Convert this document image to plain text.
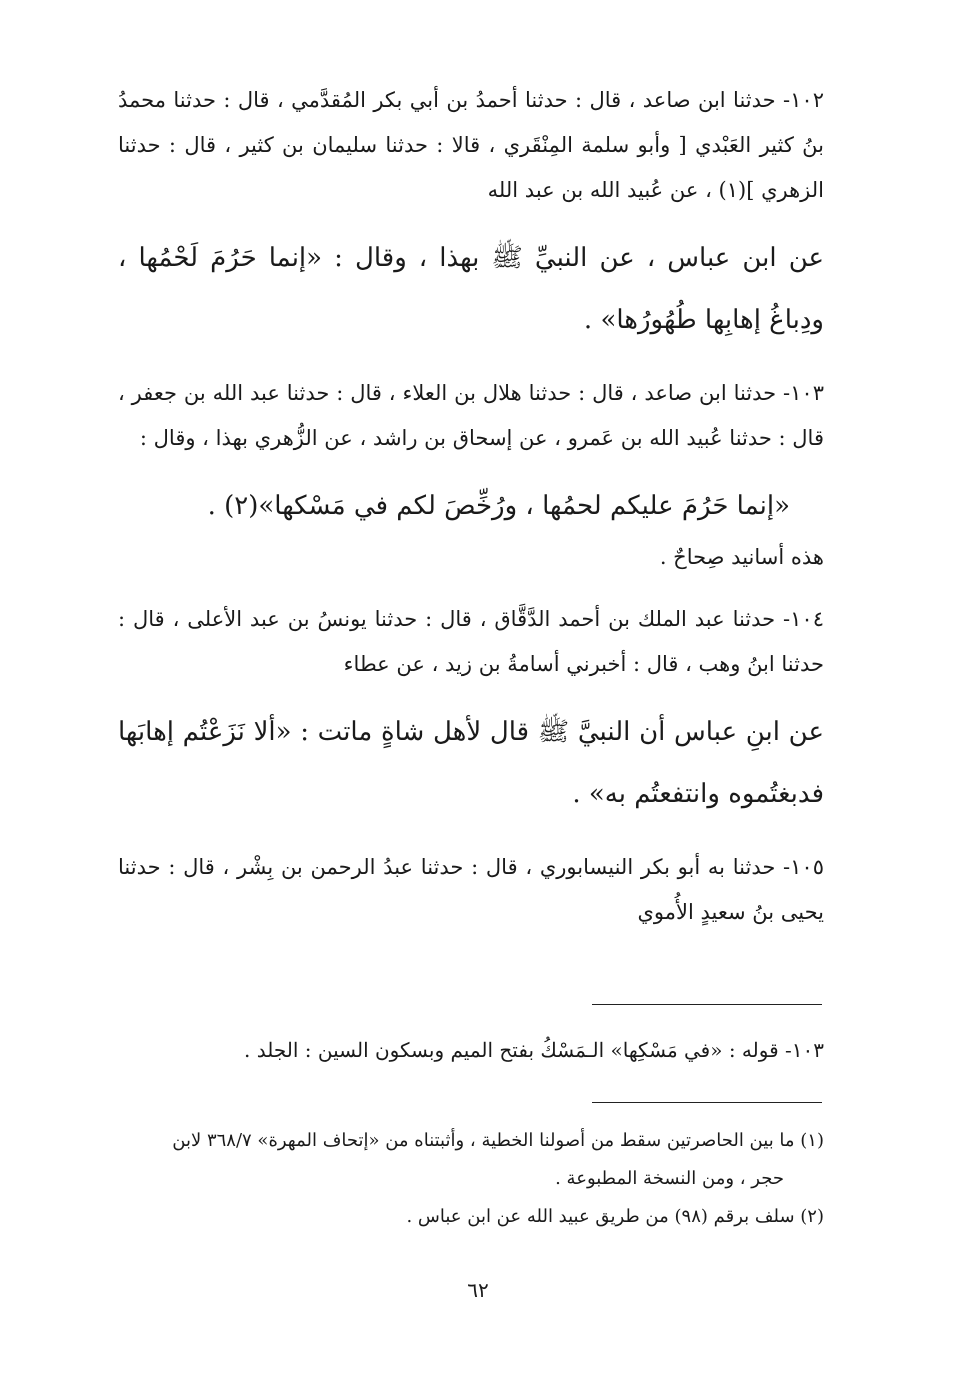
١٠٢- حدثنا ابن صاعد ، قال : حدثنا أحمدُ بن أبي بكر المُقدَّمي ، قال : حدثنا محمدُ بنُ كثير العَبْدي [ وأبو سلمة المِنْقَري ، قالا : حدثنا سليمان بن كثير ، قال : حدثنا الزهري ](١) ، عن عُبيد الله بن عبد الله

عن ابن عباس ، عن النبيِّ ﷺ بهذا ، وقال : «إنما حَرُمَ لَحْمُها ، ودِباغُ إهابِها طُهُورُها» .

١٠٣- حدثنا ابن صاعد ، قال : حدثنا هلال بن العلاء ، قال : حدثنا عبد الله بن جعفر ، قال : حدثنا عُبيد الله بن عَمرو ، عن إسحاق بن راشد ، عن الزُّهري بهذا ، وقال :

«إنما حَرُمَ عليكم لحمُها ، ورُخِّصَ لكم في مَسْكها»(٢) .

هذه أسانيد صِحاحٌ .

١٠٤- حدثنا عبد الملك بن أحمد الدَّقَّاق ، قال : حدثنا يونسُ بن عبد الأعلى ، قال : حدثنا ابنُ وهب ، قال : أخبرني أسامةُ بن زيد ، عن عطاء

عن ابنِ عباس أن النبيَّ ﷺ قال لأهل شاةٍ ماتت : «ألا نَزَعْتُم إهابَها فدبغتُموه وانتفعتُم به» .

١٠٥- حدثنا به أبو بكر النيسابوري ، قال : حدثنا عبدُ الرحمن بن بِشْر ، قال : حدثنا يحيى بنُ سعيدٍ الأُموي

١٠٣- قوله : «في مَسْكِها» الـمَسْكُ بفتح الميم وبسكون السين : الجلد .

(١) ما بين الحاصرتين سقط من أصولنا الخطية ، وأثبتناه من «إتحاف المهرة» ٣٦٨/٧ لابن

حجر ، ومن النسخة المطبوعة .

(٢) سلف برقم (٩٨) من طريق عبيد الله عن ابن عباس .

٦٢
